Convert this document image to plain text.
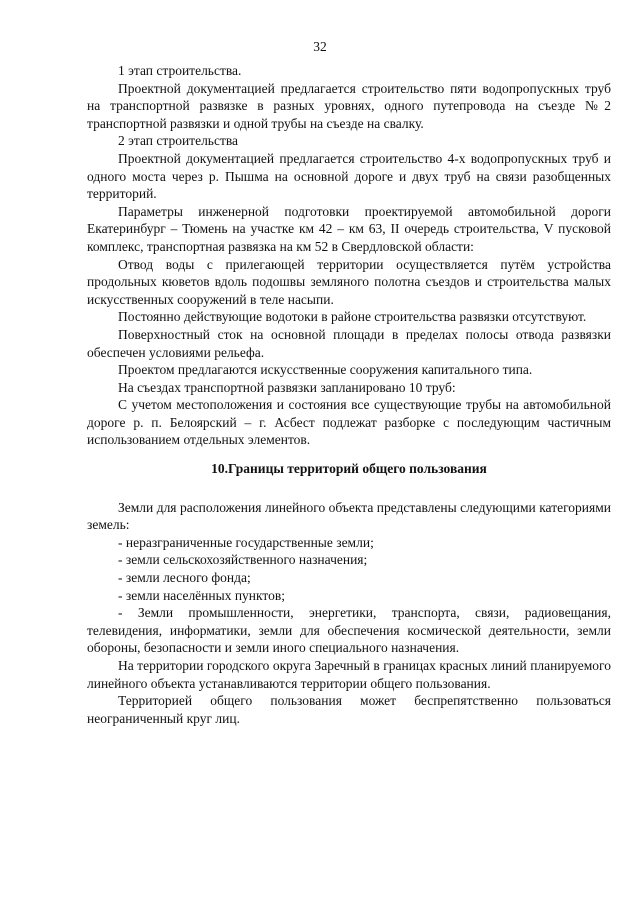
32

1 этап строительства.

Проектной документацией предлагается строительство пяти водопропускных труб на транспортной развязке в разных уровнях, одного путепровода на съезде №2 транспортной развязки и одной трубы на съезде на свалку.

2 этап строительства

Проектной документацией предлагается строительство 4-х водопропускных труб и одного моста через р. Пышма на основной дороге и двух труб на связи разобщенных территорий.

Параметры инженерной подготовки проектируемой автомобильной дороги Екатеринбург – Тюмень на участке км 42 – км 63, II очередь строительства, V пусковой комплекс, транспортная развязка на км 52 в Свердловской области:

Отвод воды с прилегающей территории осуществляется путём устройства продольных кюветов вдоль подошвы земляного полотна съездов и строительства малых искусственных сооружений в теле насыпи.

Постоянно действующие водотоки в районе строительства развязки отсутствуют.

Поверхностный сток на основной площади в пределах полосы отвода развязки обеспечен условиями рельефа.

Проектом предлагаются искусственные сооружения капитального типа.

На съездах транспортной развязки запланировано 10 труб:

С учетом местоположения и состояния все существующие трубы на автомобильной дороге р. п. Белоярский – г. Асбест подлежат разборке с последующим частичным использованием отдельных элементов.

10.Границы территорий общего пользования

Земли для расположения линейного объекта представлены следующими категориями земель:

- неразграниченные государственные земли;

- земли сельскохозяйственного назначения;

- земли лесного фонда;

- земли населённых пунктов;

- Земли промышленности, энергетики, транспорта, связи, радиовещания, телевидения, информатики, земли для обеспечения космической деятельности, земли обороны, безопасности и земли иного специального назначения.

На территории городского округа Заречный в границах красных линий планируемого линейного объекта устанавливаются территории общего пользования.

Территорией общего пользования может беспрепятственно пользоваться неограниченный круг лиц.
